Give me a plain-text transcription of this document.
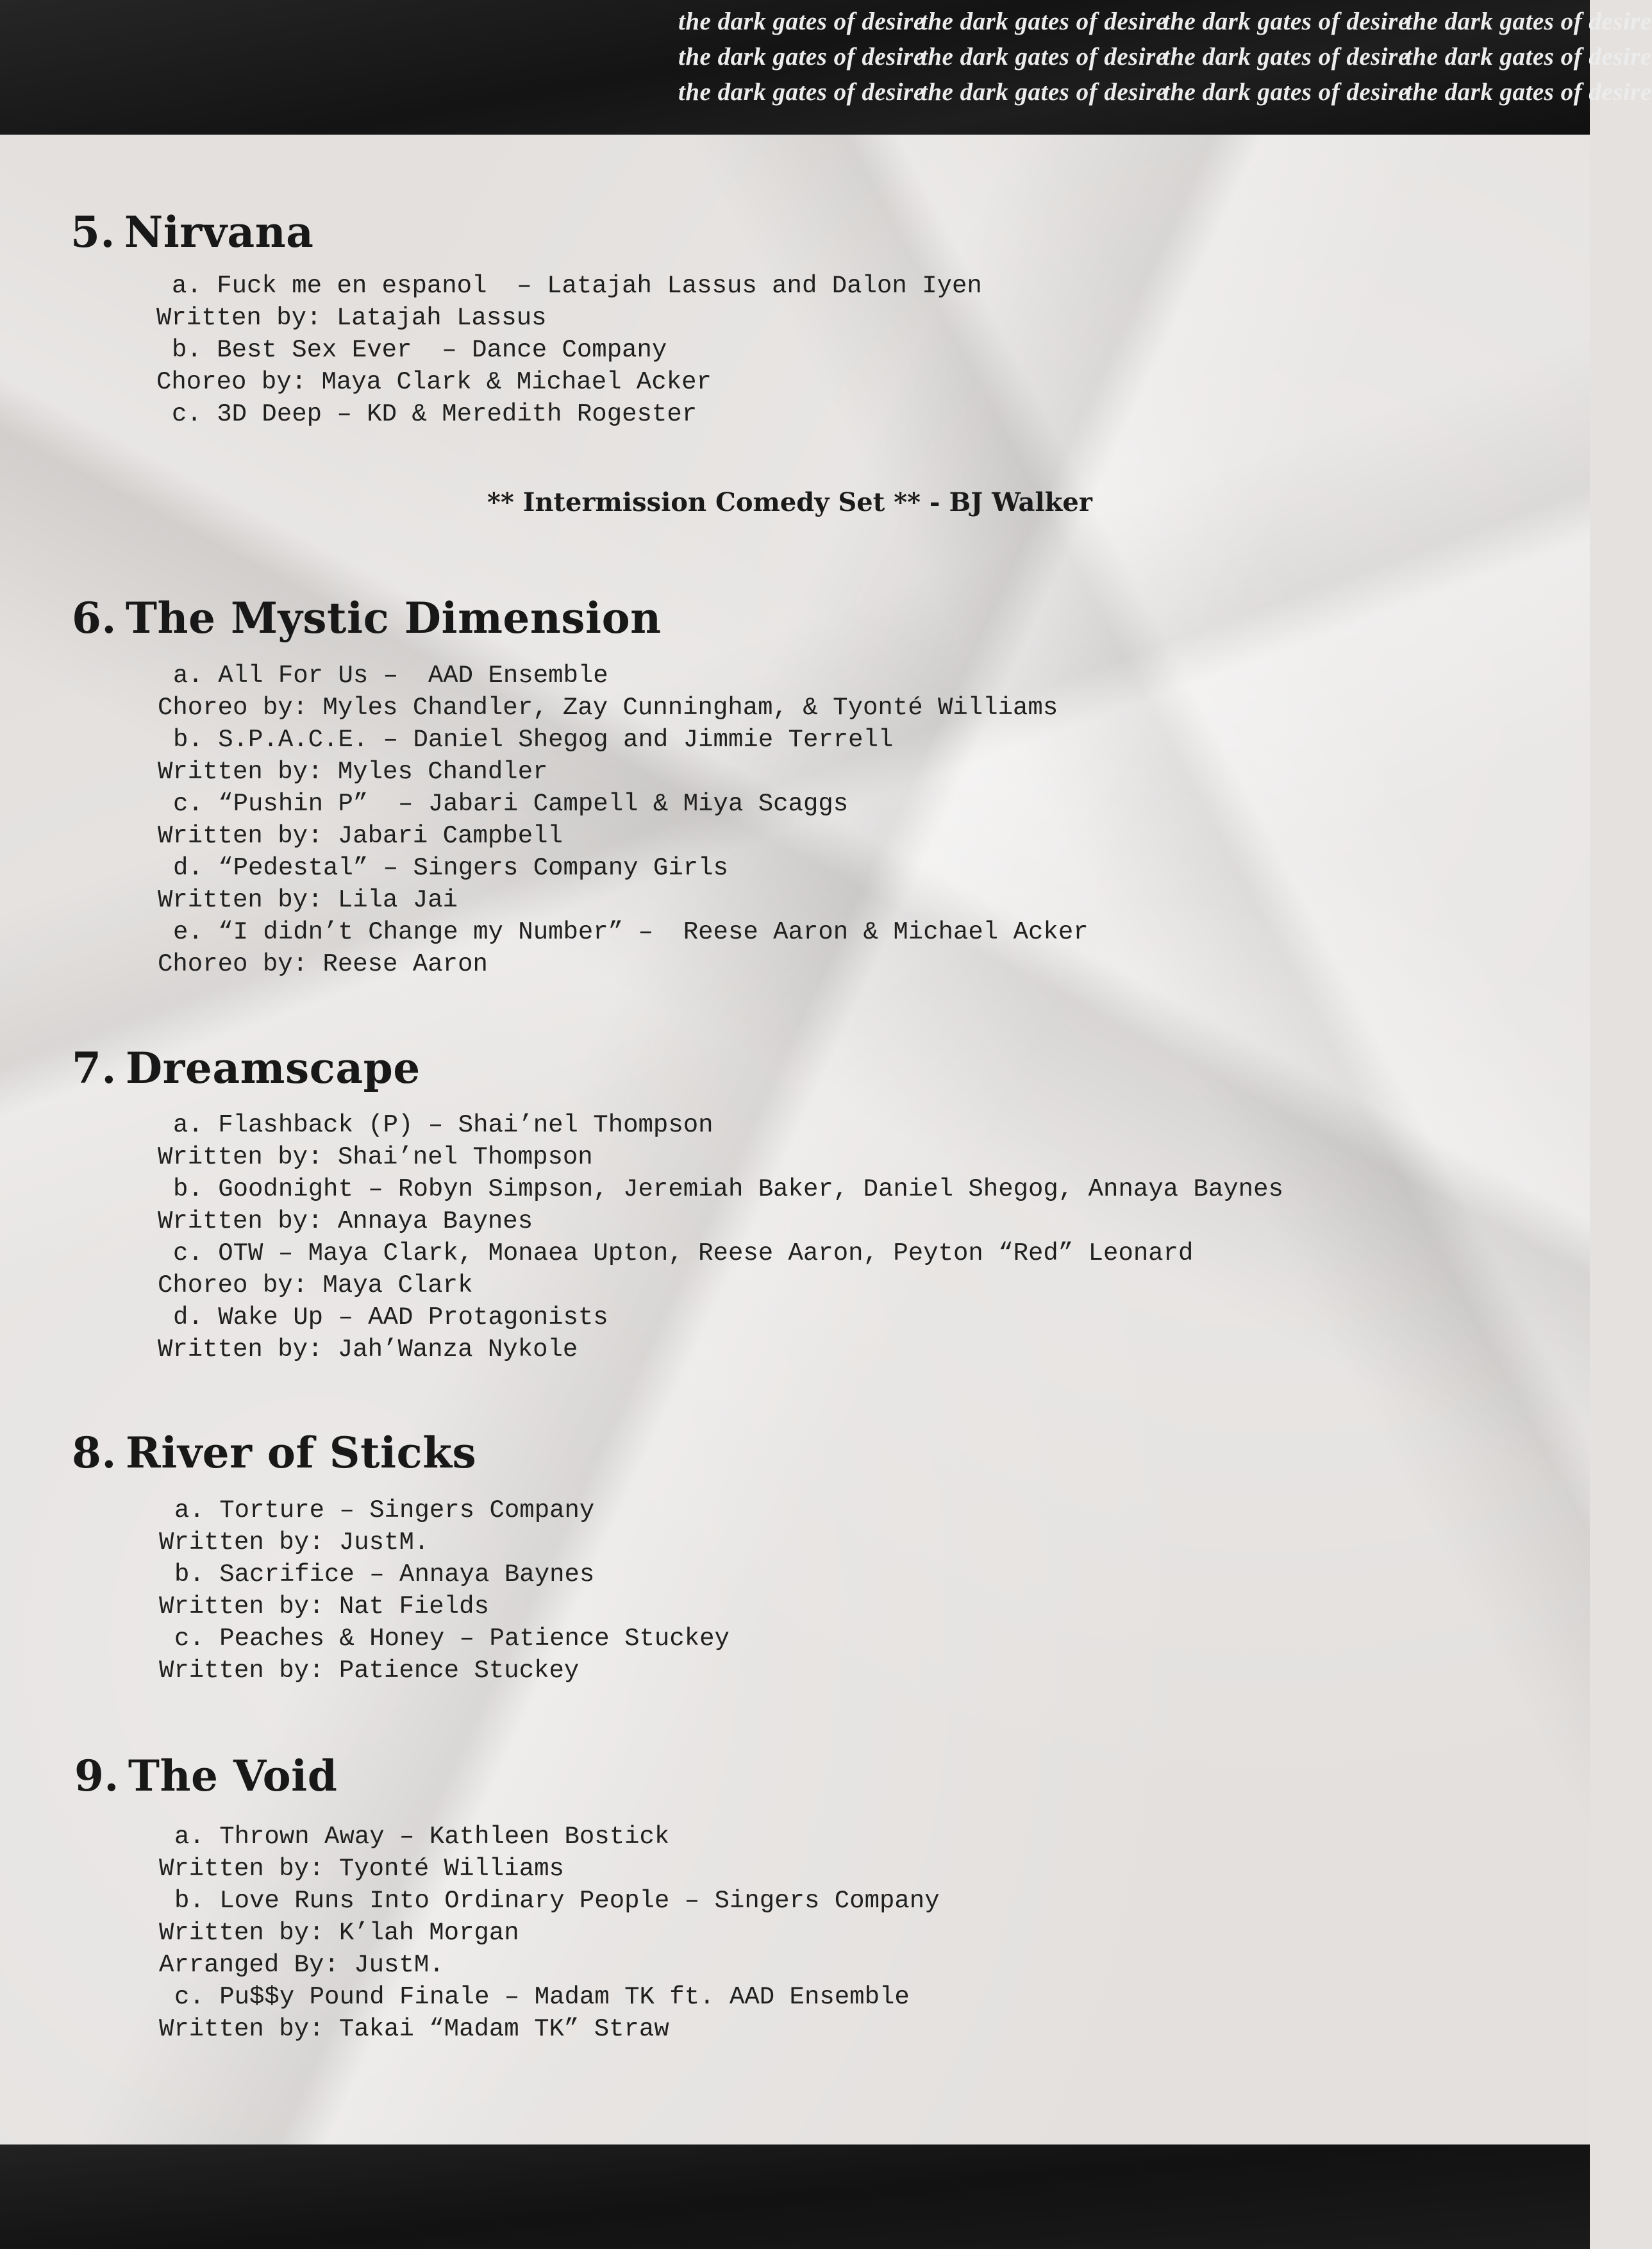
the dark gates of desirethe dark gates of desirethe dark gates of desirethe dark gates of desire
the dark gates of desirethe dark gates of desirethe dark gates of desirethe dark gates of desire
the dark gates of desirethe dark gates of desirethe dark gates of desirethe dark gates of desire
5. Nirvana
a. Fuck me en espanol  – Latajah Lassus and Dalon Iyen
Written by: Latajah Lassus
b. Best Sex Ever  – Dance Company
Choreo by: Maya Clark & Michael Acker
c. 3D Deep – KD & Meredith Rogester

** Intermission Comedy Set ** - BJ Walker

6. The Mystic Dimension
a. All For Us –  AAD Ensemble
Choreo by: Myles Chandler, Zay Cunningham, & Tyonté Williams
b. S.P.A.C.E. – Daniel Shegog and Jimmie Terrell
Written by: Myles Chandler
c. “Pushin P”  – Jabari Campell & Miya Scaggs
Written by: Jabari Campbell
d. “Pedestal” – Singers Company Girls
Written by: Lila Jai
e. “I didn’t Change my Number” –  Reese Aaron & Michael Acker
Choreo by: Reese Aaron
7. Dreamscape
a. Flashback (P) – Shai’nel Thompson
Written by: Shai’nel Thompson
b. Goodnight – Robyn Simpson, Jeremiah Baker, Daniel Shegog, Annaya Baynes
Written by: Annaya Baynes
c. OTW – Maya Clark, Monaea Upton, Reese Aaron, Peyton “Red” Leonard
Choreo by: Maya Clark
d. Wake Up – AAD Protagonists
Written by: Jah’Wanza Nykole
8. River of Sticks
a. Torture – Singers Company
Written by: JustM.
b. Sacrifice – Annaya Baynes
Written by: Nat Fields
c. Peaches & Honey – Patience Stuckey
Written by: Patience Stuckey
9. The Void
a. Thrown Away – Kathleen Bostick
Written by: Tyonté Williams
b. Love Runs Into Ordinary People – Singers Company
Written by: K’lah Morgan
Arranged By: JustM.
c. Pu$$y Pound Finale – Madam TK ft. AAD Ensemble
Written by: Takai “Madam TK” Straw
